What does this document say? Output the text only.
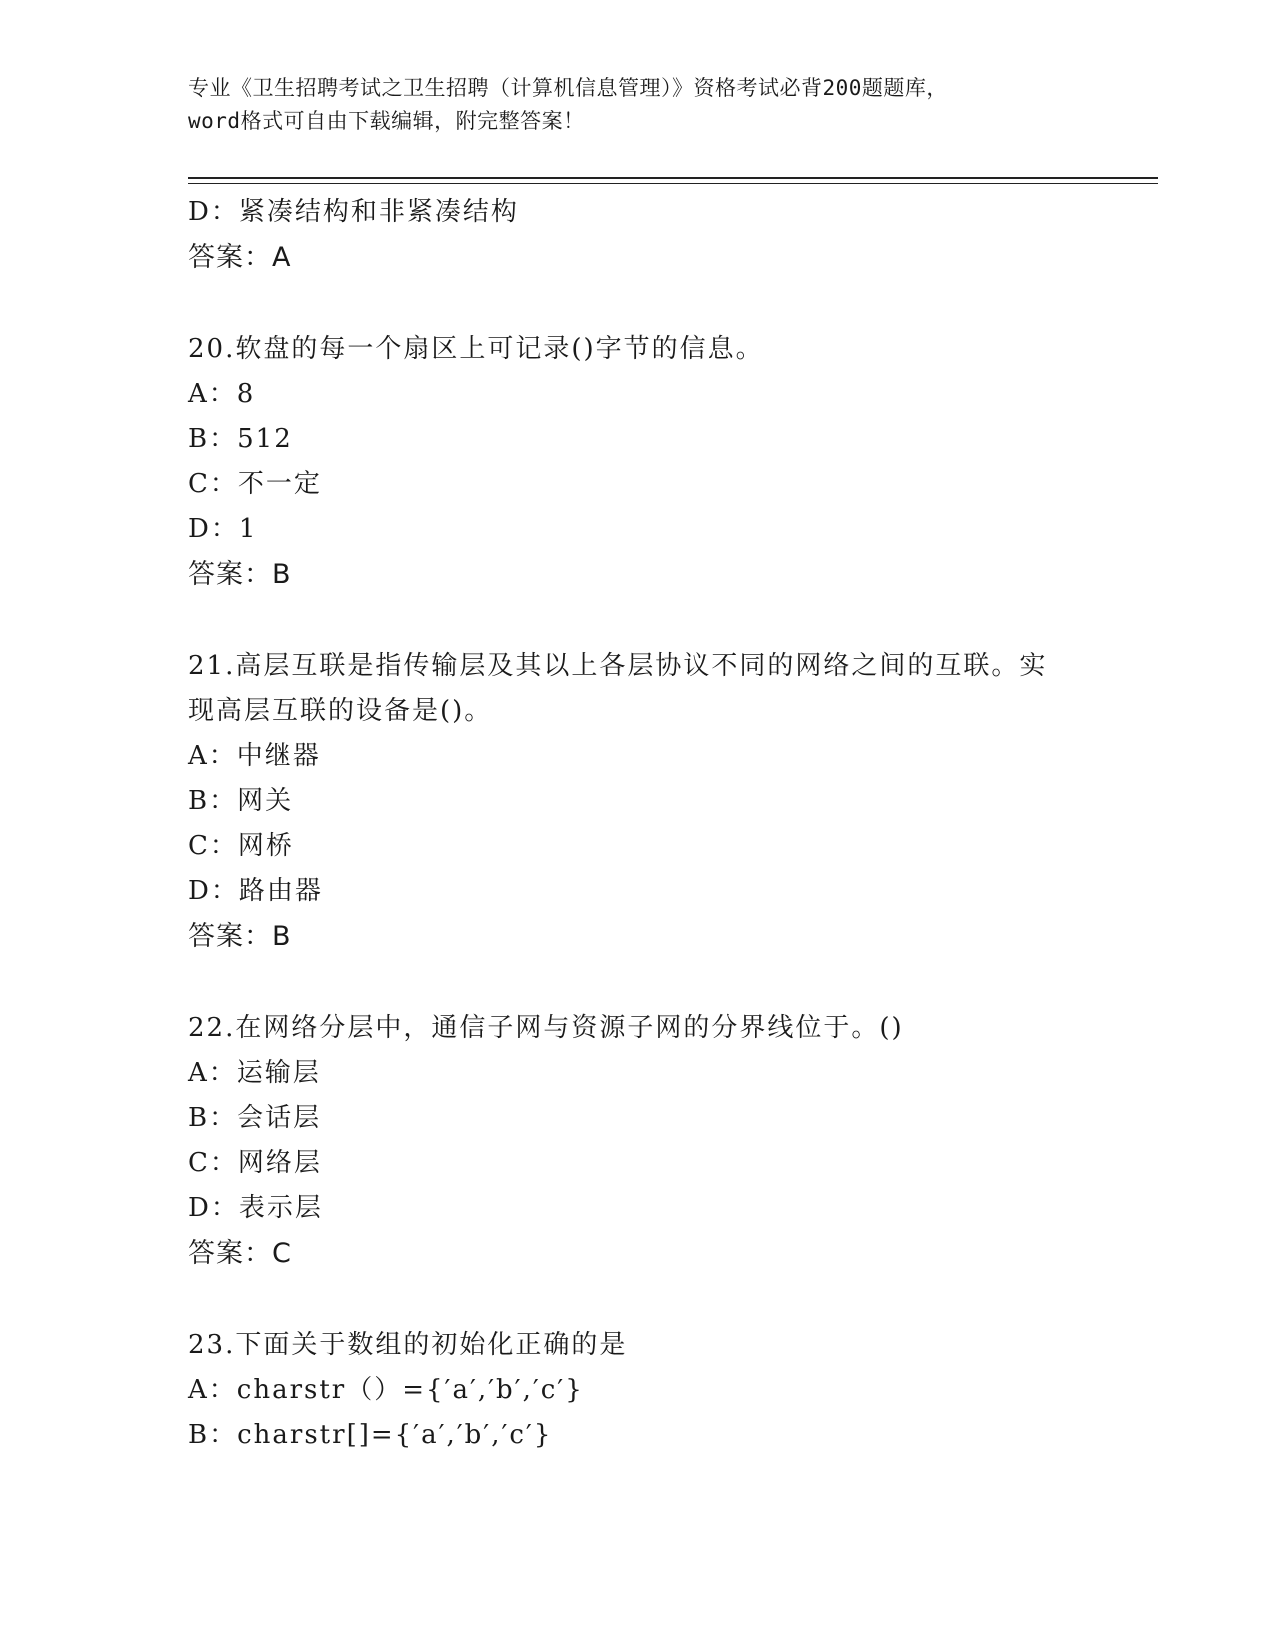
专业《卫生招聘考试之卫生招聘（计算机信息管理）》资格考试必背200题题库，
word格式可自由下载编辑，附完整答案！
D：紧凑结构和非紧凑结构
答案：A
20.软盘的每一个扇区上可记录()字节的信息。
A：8
B：512
C：不一定
D：1
答案：B
21.高层互联是指传输层及其以上各层协议不同的网络之间的互联。实
现高层互联的设备是()。
A：中继器
B：网关
C：网桥
D：路由器
答案：B
22.在网络分层中，通信子网与资源子网的分界线位于。()
A：运输层
B：会话层
C：网络层
D：表示层
答案：C
23.下面关于数组的初始化正确的是
A：charstr（）={′a′,′b′,′c′}
B：charstr[]={′a′,′b′,′c′}
